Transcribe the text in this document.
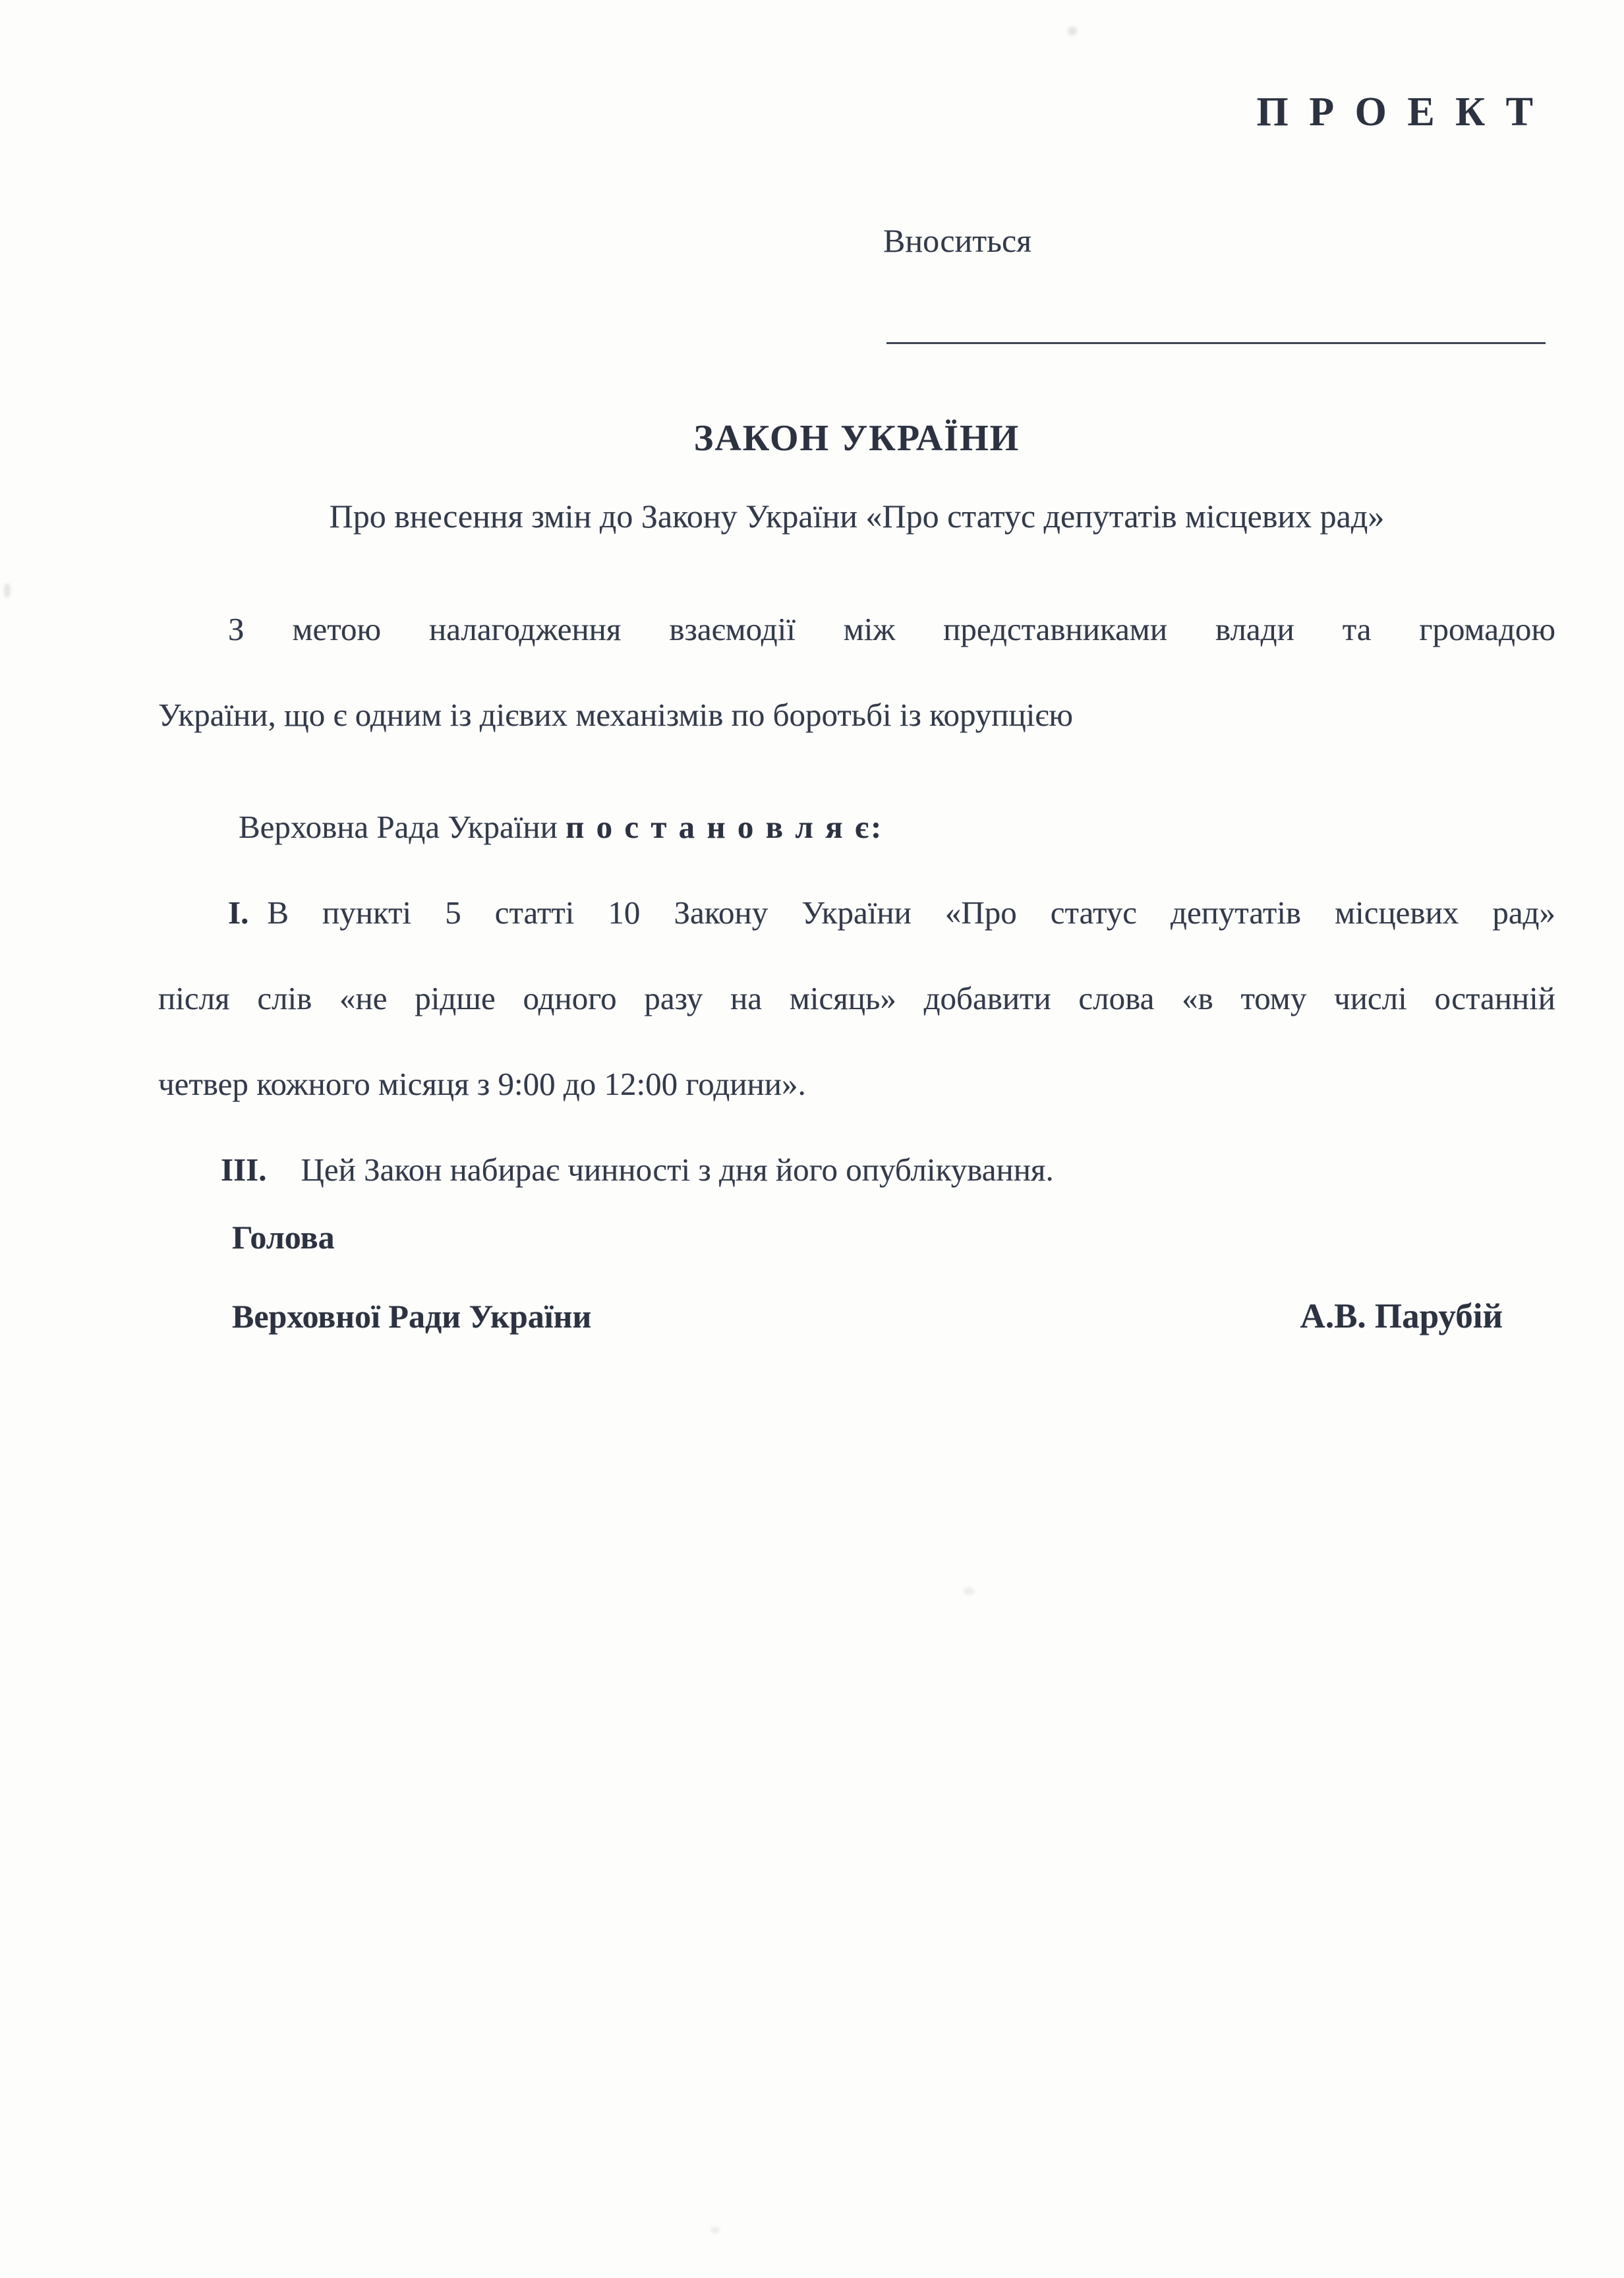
П Р О Е К Т
Вноситься
ЗАКОН УКРАЇНИ
Про внесення змін до Закону України «Про статус депутатів місцевих рад»
З метою налагодження взаємодії між представниками влади та громадою
України, що є одним із дієвих механізмів по боротьбі із корупцією
Верховна Рада України п о с т а н о в л я є:
І. В пункті 5 статті 10 Закону України «Про статус депутатів місцевих рад»
після слів «не рідше одного разу на місяць» добавити слова «в тому числі останній
четвер кожного місяця з 9:00 до 12:00 години».
ІІІ. Цей Закон набирає чинності з дня його опублікування.
Голова
Верховної Ради України	А.В. Парубій
